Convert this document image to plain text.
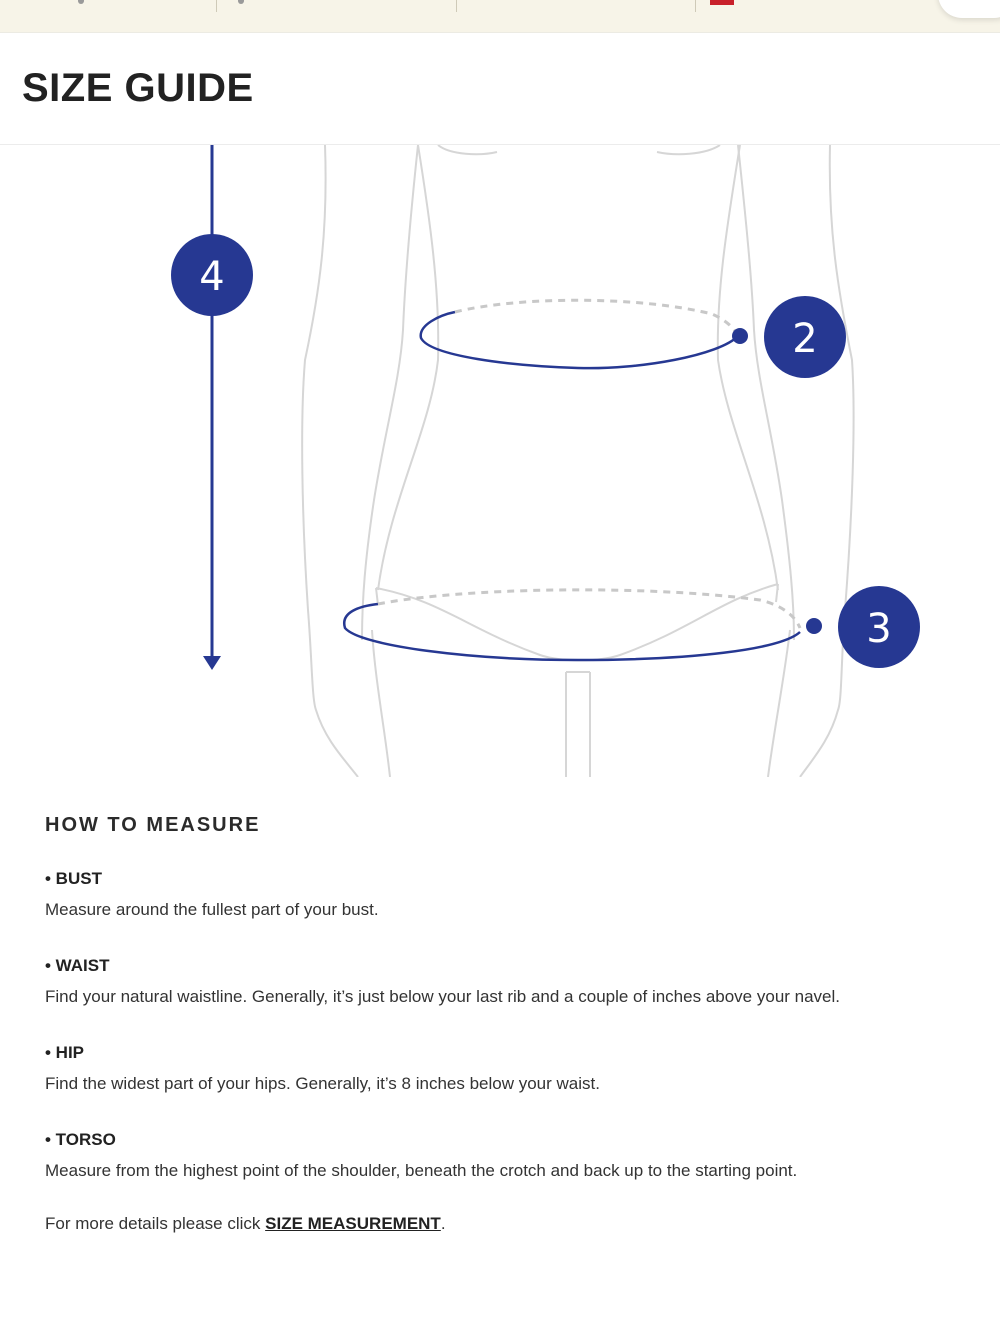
SIZE GUIDE
4
2
3
HOW TO MEASURE
• BUST
Measure around the fullest part of your bust.
• WAIST
Find your natural waistline. Generally, it’s just below your last rib and a couple of inches above your navel.
• HIP
Find the widest part of your hips. Generally, it’s 8 inches below your waist.
• TORSO
Measure from the highest point of the shoulder, beneath the crotch and back up to the starting point.
For more details please click SIZE MEASUREMENT.
